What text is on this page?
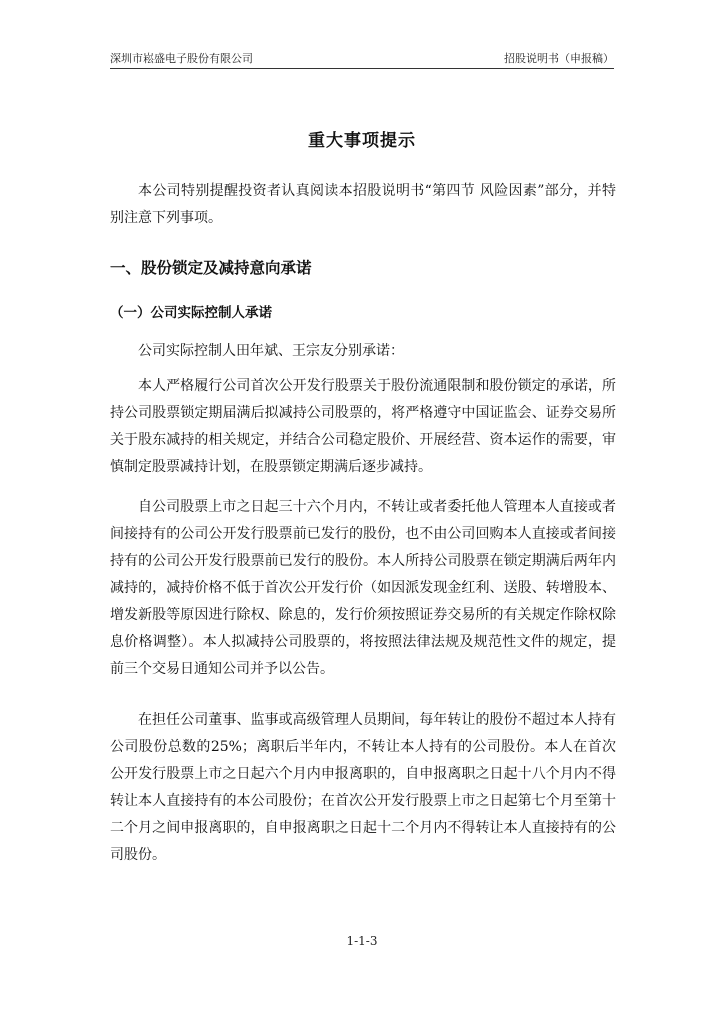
深圳市崧盛电子股份有限公司	招股说明书（申报稿）
重大事项提示

本公司特别提醒投资者认真阅读本招股说明书“第四节 风险因素”部分，并特别注意下列事项。

一、股份锁定及减持意向承诺
（一）公司实际控制人承诺

公司实际控制人田年斌、王宗友分别承诺：

本人严格履行公司首次公开发行股票关于股份流通限制和股份锁定的承诺，所持公司股票锁定期届满后拟减持公司股票的，将严格遵守中国证监会、证券交易所关于股东减持的相关规定，并结合公司稳定股价、开展经营、资本运作的需要，审慎制定股票减持计划，在股票锁定期满后逐步减持。

自公司股票上市之日起三十六个月内，不转让或者委托他人管理本人直接或者间接持有的公司公开发行股票前已发行的股份，也不由公司回购本人直接或者间接持有的公司公开发行股票前已发行的股份。本人所持公司股票在锁定期满后两年内减持的，减持价格不低于首次公开发行价（如因派发现金红利、送股、转增股本、增发新股等原因进行除权、除息的，发行价须按照证券交易所的有关规定作除权除息价格调整）。本人拟减持公司股票的，将按照法律法规及规范性文件的规定，提前三个交易日通知公司并予以公告。

在担任公司董事、监事或高级管理人员期间，每年转让的股份不超过本人持有公司股份总数的25%；离职后半年内，不转让本人持有的公司股份。本人在首次公开发行股票上市之日起六个月内申报离职的，自申报离职之日起十八个月内不得转让本人直接持有的本公司股份；在首次公开发行股票上市之日起第七个月至第十二个月之间申报离职的，自申报离职之日起十二个月内不得转让本人直接持有的公司股份。

1-1-3
